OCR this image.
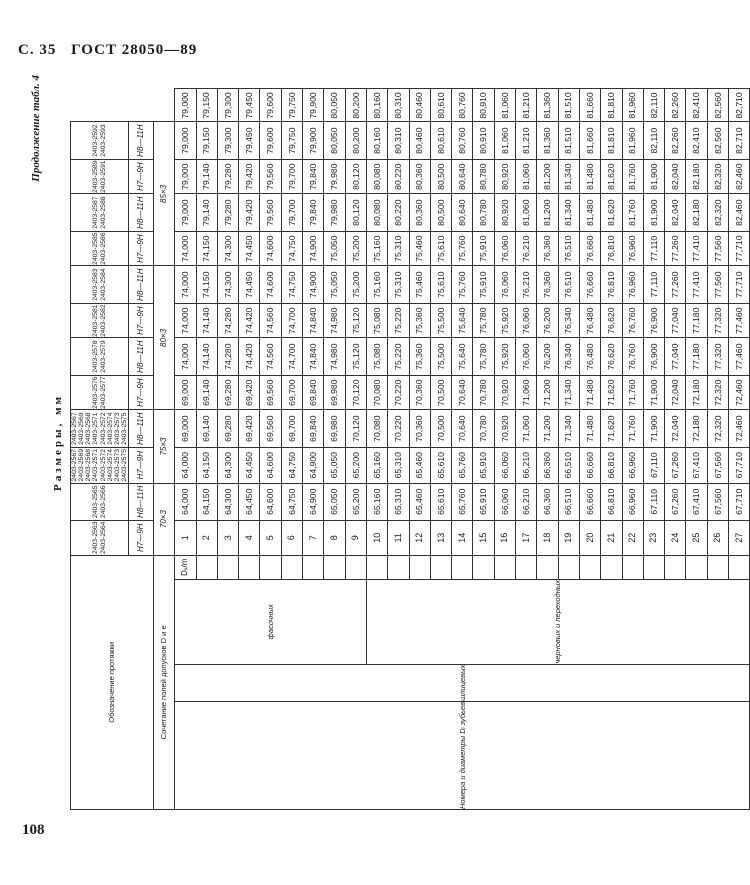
С. 35 ГОСТ 28050—89
Продолжение табл. 4
Размеры, мм
Обозначение протяжки				2403-2563 2403-2564	2403-2565 2403-2566	2403-2567 2403-2569 2403-2568 2403-2571 2403-2572 2403-2574 2403-2573 2403-2575	2403-2567 2403-2569 2403-2568 2403-2571 2403-2572 2403-2574 2403-2573 2403-2575	2403-2576 2403-2577	2403-2578 2403-2579	2403-2581 2403-2582	2403-2583 2403-2584	2403-2585 2403-2586	2403-2587 2403-2588	2403-2589 2403-2591	2403-2592 2403-2593	
				H7—9H	H8—11H	H7—9H	H8—11H	H7—9H	H8—11H	H7—9H	H8—11H	H7—9H	H8—11H	H7—9H	H8—11H	
Сочетание полей допусков D и e				70×3		75×3		80×3				85×3				
Номера и диаметры Dᵢ зубьев	шлицевых	фасочных	Dₓ/m	1	64,000	64,000	69,000	69,000	74,000	74,000	74,000	74,000	79,000	79,000	79,000	79,000
				2	64,150	64,150	69,140	69,140	74,140	74,140	74,150	74,150	79,140	79,140	79,150	79,150
				3	64,300	64,300	69,280	69,280	74,280	74,280	74,300	74,300	79,280	79,280	79,300	79,300
				4	64,450	64,450	69,420	69,420	74,420	74,420	74,450	74,450	79,420	79,420	79,450	79,450
				5	64,600	64,600	69,560	69,560	74,560	74,560	74,600	74,600	79,560	79,560	79,600	79,600
				6	64,750	64,750	69,700	69,700	74,700	74,700	74,750	74,750	79,700	79,700	79,750	79,750
				7	64,900	64,900	69,840	69,840	74,840	74,840	74,900	74,900	79,840	79,840	79,900	79,900
				8	65,050	65,050	69,980	69,980	74,980	74,980	75,050	75,050	79,980	79,980	80,050	80,050
				9	65,200	65,200	70,120	70,120	75,120	75,120	75,200	75,200	80,120	80,120	80,200	80,200
		черновых и переходных		10	65,160	65,160	70,080	70,080	75,080	75,080	75,160	75,160	80,080	80,080	80,160	80,160
				11	65,310	65,310	70,220	70,220	75,220	75,220	75,310	75,310	80,220	80,220	80,310	80,310
				12	65,460	65,460	70,360	70,360	75,360	75,360	75,460	75,460	80,360	80,360	80,460	80,460
				13	65,610	65,610	70,500	70,500	75,500	75,500	75,610	75,610	80,500	80,500	80,610	80,610
				14	65,760	65,760	70,640	70,640	75,640	75,640	75,760	75,760	80,640	80,640	80,760	80,760
				15	65,910	65,910	70,780	70,780	75,780	75,780	75,910	75,910	80,780	80,780	80,910	80,910
				16	66,060	66,060	70,920	70,920	75,920	75,920	76,060	76,060	80,920	80,920	81,060	81,060
				17	66,210	66,210	71,060	71,060	76,060	76,060	76,210	76,210	81,060	81,060	81,210	81,210
				18	66,360	66,360	71,200	71,200	76,200	76,200	76,360	76,360	81,200	81,200	81,360	81,360
				19	66,510	66,510	71,340	71,340	76,340	76,340	76,510	76,510	81,340	81,340	81,510	81,510
				20	66,660	66,660	71,480	71,480	76,480	76,480	76,660	76,660	81,480	81,480	81,660	81,660
				21	66,810	66,810	71,620	71,620	76,620	76,620	76,810	76,810	81,620	81,620	81,810	81,810
				22	66,960	66,960	71,760	71,760	76,760	76,760	76,960	76,960	81,760	81,760	81,960	81,960
				23	67,110	67,110	71,900	71,900	76,900	76,900	77,110	77,110	81,900	81,900	82,110	82,110
				24	67,260	67,260	72,040	72,040	77,040	77,040	77,260	77,260	82,040	82,040	82,260	82,260
				25	67,410	67,410	72,180	72,180	77,180	77,180	77,410	77,410	82,180	82,180	82,410	82,410
				26	67,560	67,560	72,320	72,320	77,320	77,320	77,560	77,560	82,320	82,320	82,560	82,560
				27	67,710	67,710	72,460	72,460	77,460	77,460	77,710	77,710	82,460	82,460	82,710	82,710
108
